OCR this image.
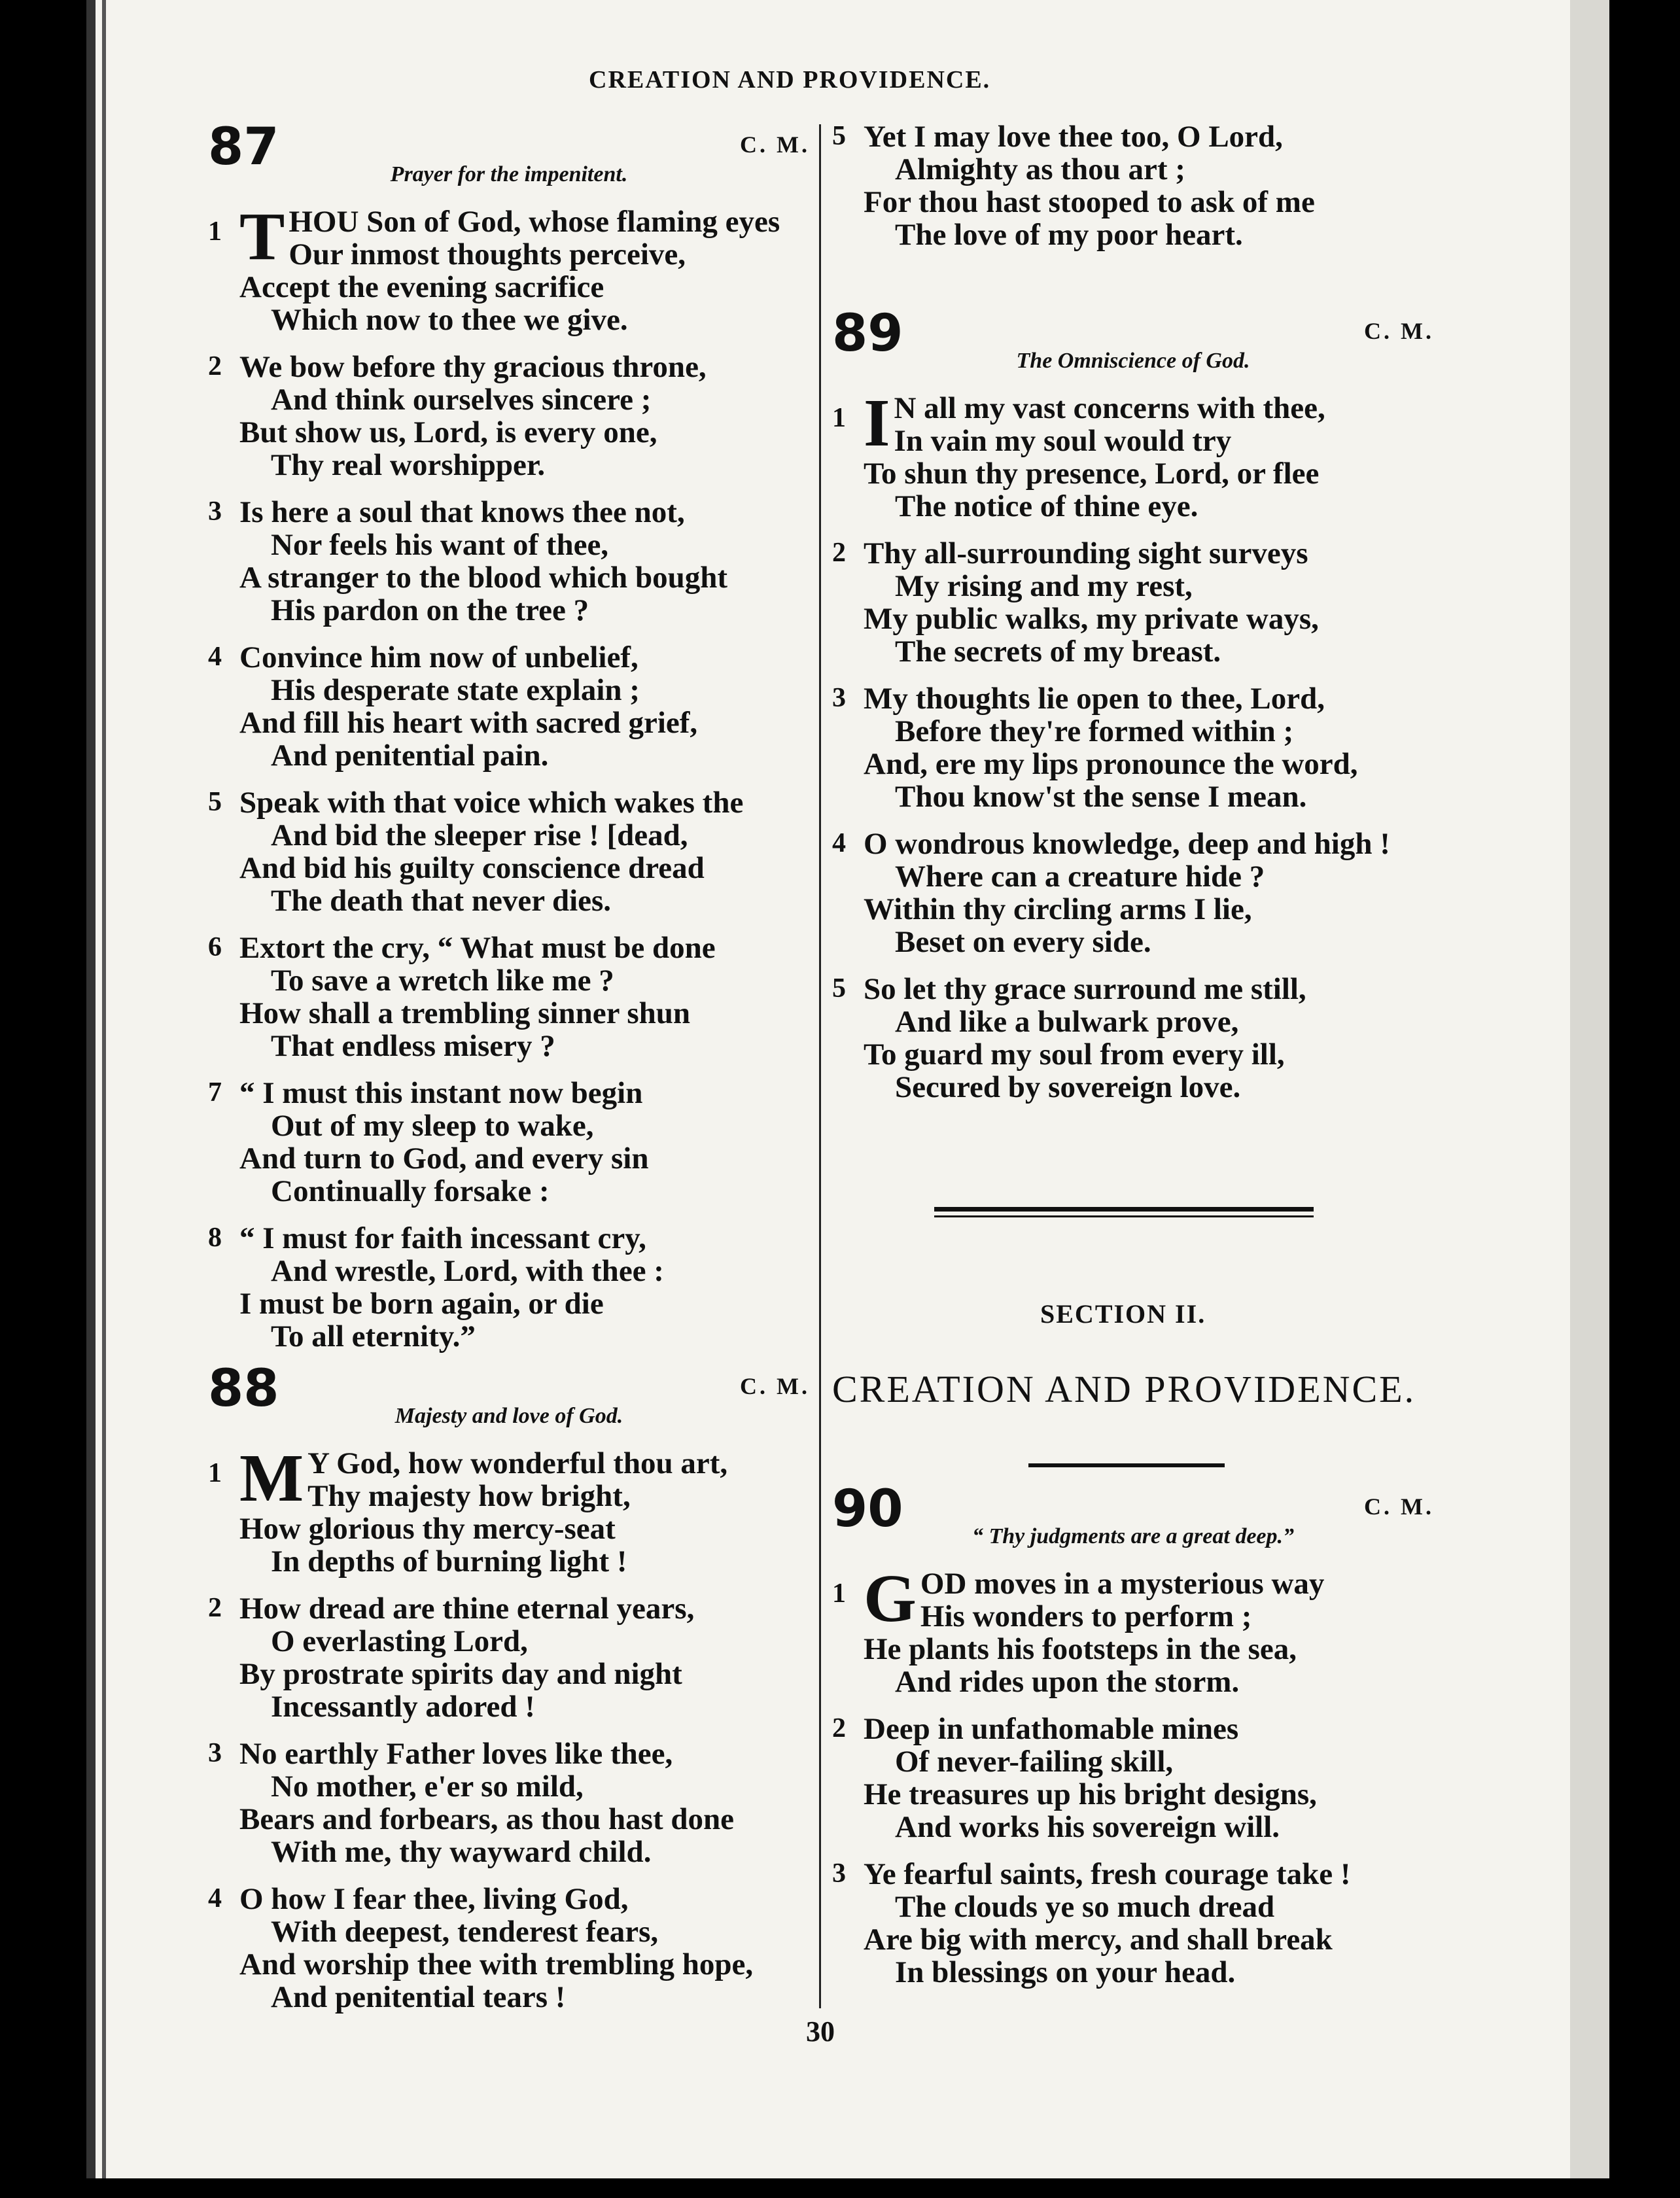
CREATION AND PROVIDENCE.
87	C. M.
Prayer for the impenitent.
1 T HOU Son of God, whose flaming eyes
Our inmost thoughts perceive,
Accept the evening sacrifice
Which now to thee we give.
2 We bow before thy gracious throne,
And think ourselves sincere ;
But show us, Lord, is every one,
Thy real worshipper.
3 Is here a soul that knows thee not,
Nor feels his want of thee,
A stranger to the blood which bought
His pardon on the tree ?
4 Convince him now of unbelief,
His desperate state explain ;
And fill his heart with sacred grief,
And penitential pain.
5 Speak with that voice which wakes the
And bid the sleeper rise ! [dead,
And bid his guilty conscience dread
The death that never dies.
6 Extort the cry, “ What must be done
To save a wretch like me ?
How shall a trembling sinner shun
That endless misery ?
7 “ I must this instant now begin
Out of my sleep to wake,
And turn to God, and every sin
Continually forsake :
8 “ I must for faith incessant cry,
And wrestle, Lord, with thee :
I must be born again, or die
To all eternity.”
88	C. M.
Majesty and love of God.
1 M Y God, how wonderful thou art,
Thy majesty how bright,
How glorious thy mercy-seat
In depths of burning light !
2 How dread are thine eternal years,
O everlasting Lord,
By prostrate spirits day and night
Incessantly adored !
3 No earthly Father loves like thee,
No mother, e'er so mild,
Bears and forbears, as thou hast done
With me, thy wayward child.
4 O how I fear thee, living God,
With deepest, tenderest fears,
And worship thee with trembling hope,
And penitential tears !
5 Yet I may love thee too, O Lord,
Almighty as thou art ;
For thou hast stooped to ask of me
The love of my poor heart.
89	C. M.
The Omniscience of God.
1 I N all my vast concerns with thee,
In vain my soul would try
To shun thy presence, Lord, or flee
The notice of thine eye.
2 Thy all-surrounding sight surveys
My rising and my rest,
My public walks, my private ways,
The secrets of my breast.
3 My thoughts lie open to thee, Lord,
Before they're formed within ;
And, ere my lips pronounce the word,
Thou know'st the sense I mean.
4 O wondrous knowledge, deep and high !
Where can a creature hide ?
Within thy circling arms I lie,
Beset on every side.
5 So let thy grace surround me still,
And like a bulwark prove,
To guard my soul from every ill,
Secured by sovereign love.
SECTION II.
CREATION AND PROVIDENCE.
90	C. M.
“ Thy judgments are a great deep.”
1 G OD moves in a mysterious way
His wonders to perform ;
He plants his footsteps in the sea,
And rides upon the storm.
2 Deep in unfathomable mines
Of never-failing skill,
He treasures up his bright designs,
And works his sovereign will.
3 Ye fearful saints, fresh courage take !
The clouds ye so much dread
Are big with mercy, and shall break
In blessings on your head.
30
